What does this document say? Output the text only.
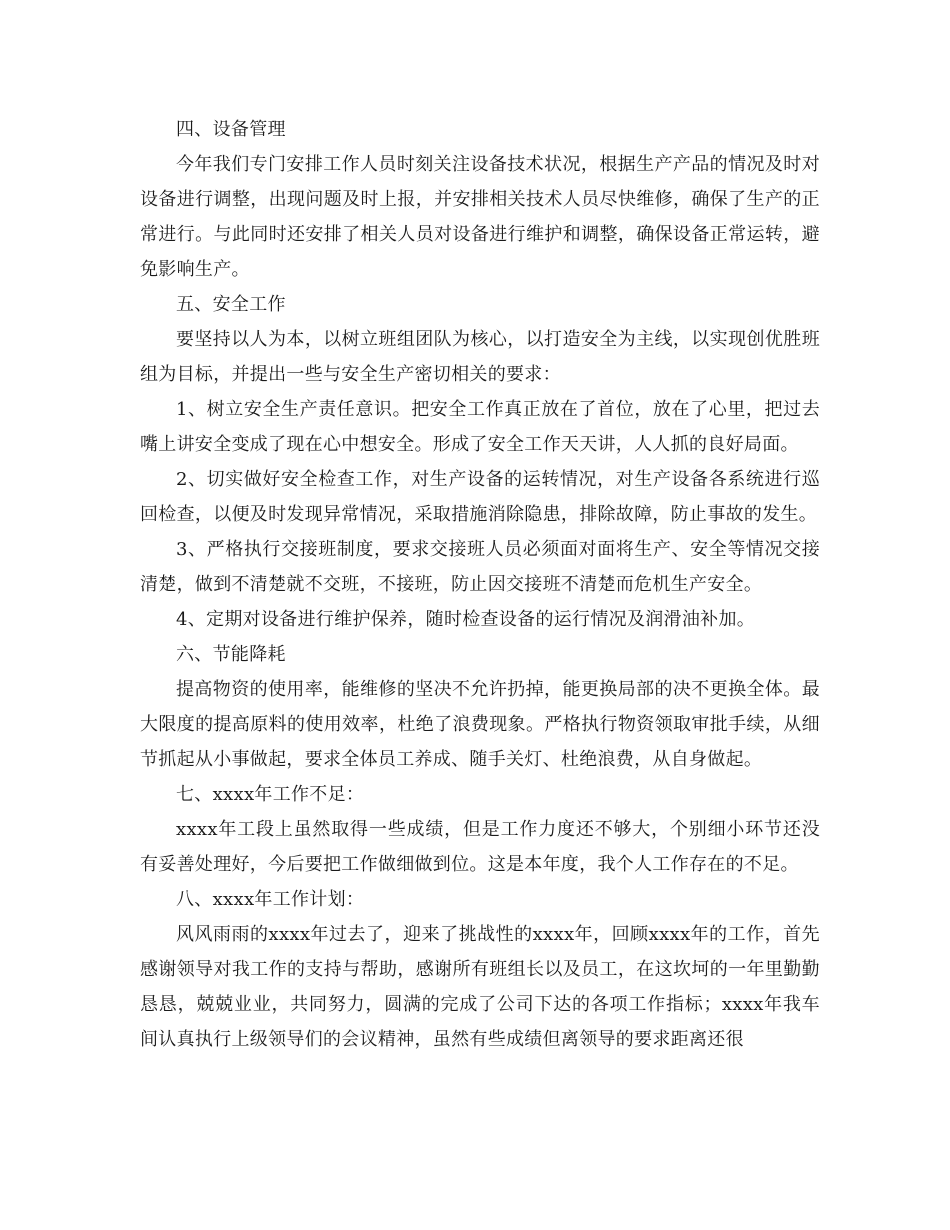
四、设备管理

今年我们专门安排工作人员时刻关注设备技术状况，根据生产产品的情况及时对设备进行调整，出现问题及时上报，并安排相关技术人员尽快维修，确保了生产的正常进行。与此同时还安排了相关人员对设备进行维护和调整，确保设备正常运转，避免影响生产。

五、安全工作

要坚持以人为本，以树立班组团队为核心，以打造安全为主线，以实现创优胜班组为目标，并提出一些与安全生产密切相关的要求：

1、树立安全生产责任意识。把安全工作真正放在了首位，放在了心里，把过去嘴上讲安全变成了现在心中想安全。形成了安全工作天天讲，人人抓的良好局面。

2、切实做好安全检查工作，对生产设备的运转情况，对生产设备各系统进行巡回检查，以便及时发现异常情况，采取措施消除隐患，排除故障，防止事故的发生。

3、严格执行交接班制度，要求交接班人员必须面对面将生产、安全等情况交接清楚，做到不清楚就不交班，不接班，防止因交接班不清楚而危机生产安全。

4、定期对设备进行维护保养，随时检查设备的运行情况及润滑油补加。

六、节能降耗

提高物资的使用率，能维修的坚决不允许扔掉，能更换局部的决不更换全体。最大限度的提高原料的使用效率，杜绝了浪费现象。严格执行物资领取审批手续，从细节抓起从小事做起，要求全体员工养成、随手关灯、杜绝浪费，从自身做起。

七、xxxx年工作不足：

xxxx年工段上虽然取得一些成绩，但是工作力度还不够大，个别细小环节还没有妥善处理好，今后要把工作做细做到位。这是本年度，我个人工作存在的不足。

八、xxxx年工作计划：

风风雨雨的xxxx年过去了，迎来了挑战性的xxxx年，回顾xxxx年的工作，首先感谢领导对我工作的支持与帮助，感谢所有班组长以及员工，在这坎坷的一年里勤勤恳恳，兢兢业业，共同努力，圆满的完成了公司下达的各项工作指标；xxxx年我车间认真执行上级领导们的会议精神，虽然有些成绩但离领导的要求距离还很
